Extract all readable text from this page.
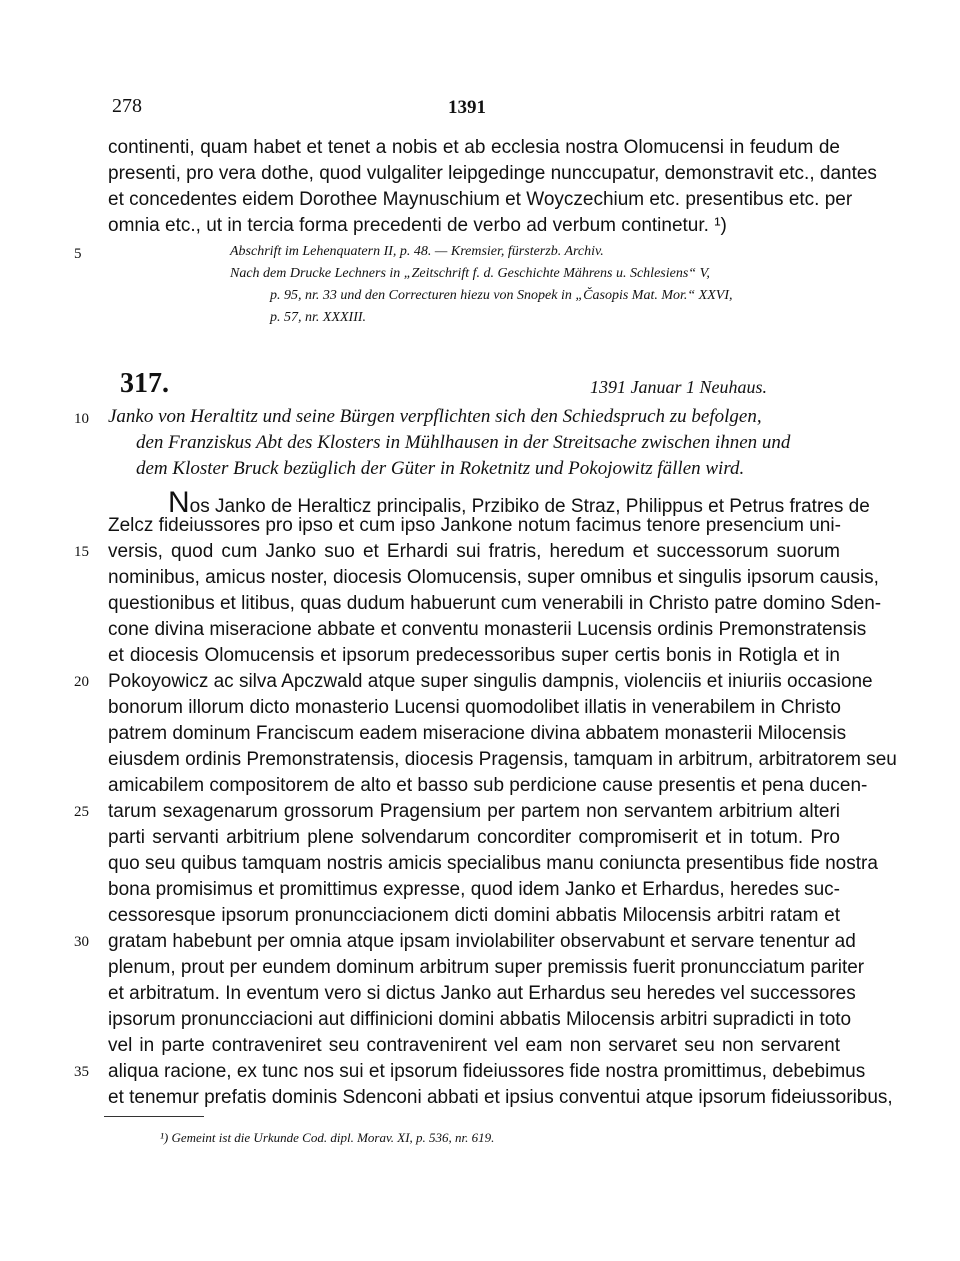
278	1391
continenti, quam habet et tenet a nobis et ab ecclesia nostra Olomucensi in feudum de
presenti, pro vera dothe, quod vulgaliter leipgedinge nunccupatur, demonstravit etc., dantes
et concedentes eidem Dorothee Maynuschium et Woyczechium etc. presentibus etc. per
omnia etc., ut in tercia forma precedenti de verbo ad verbum continetur. ¹)
5	Abschrift im Lehenquatern II, p. 48. — Kremsier, fürsterzb. Archiv.
Nach dem Drucke Lechners in „Zeitschrift f. d. Geschichte Mährens u. Schlesiens“ V,
p. 95, nr. 33 und den Correcturen hiezu von Snopek in „Časopis Mat. Mor.“ XXVI,
p. 57, nr. XXXIII.
317.	1391 Januar 1 Neuhaus.
10 Janko von Heraltitz und seine Bürgen verpflichten sich den Schiedspruch zu befolgen,
den Franziskus Abt des Klosters in Mühlhausen in der Streitsache zwischen ihnen und
dem Kloster Bruck bezüglich der Güter in Roketnitz und Pokojowitz fällen wird.
Nos Janko de Heralticz principalis, Przibiko de Straz, Philippus et Petrus fratres de
Zelcz fideiussores pro ipso et cum ipso Jankone notum facimus tenore presencium uni-
15 versis, quod cum Janko suo et Erhardi sui fratris, heredum et successorum suorum
nominibus, amicus noster, diocesis Olomucensis, super omnibus et singulis ipsorum causis,
questionibus et litibus, quas dudum habuerunt cum venerabili in Christo patre domino Sden-
cone divina miseracione abbate et conventu monasterii Lucensis ordinis Premonstratensis
et diocesis Olomucensis et ipsorum predecessoribus super certis bonis in Rotigla et in
20 Pokoyowicz ac silva Apczwald atque super singulis dampnis, violenciis et iniuriis occasione
bonorum illorum dicto monasterio Lucensi quomodolibet illatis in venerabilem in Christo
patrem dominum Franciscum eadem miseracione divina abbatem monasterii Milocensis
eiusdem ordinis Premonstratensis, diocesis Pragensis, tamquam in arbitrum, arbitratorem seu
amicabilem compositorem de alto et basso sub perdicione cause presentis et pena ducen-
25 tarum sexagenarum grossorum Pragensium per partem non servantem arbitrium alteri
parti servanti arbitrium plene solvendarum concorditer compromiserit et in totum. Pro
quo seu quibus tamquam nostris amicis specialibus manu coniuncta presentibus fide nostra
bona promisimus et promittimus expresse, quod idem Janko et Erhardus, heredes suc-
cessoresque ipsorum pronuncciacionem dicti domini abbatis Milocensis arbitri ratam et
30 gratam habebunt per omnia atque ipsam inviolabiliter observabunt et servare tenentur ad
plenum, prout per eundem dominum arbitrum super premissis fuerit pronuncciatum pariter
et arbitratum. In eventum vero si dictus Janko aut Erhardus seu heredes vel successores
ipsorum pronuncciacioni aut diffinicioni domini abbatis Milocensis arbitri supradicti in toto
vel in parte contraveniret seu contravenirent vel eam non servaret seu non servarent
35 aliqua racione, ex tunc nos sui et ipsorum fideiussores fide nostra promittimus, debebimus
et tenemur prefatis dominis Sdenconi abbati et ipsius conventui atque ipsorum fideiussoribus,
¹) Gemeint ist die Urkunde Cod. dipl. Morav. XI, p. 536, nr. 619.
